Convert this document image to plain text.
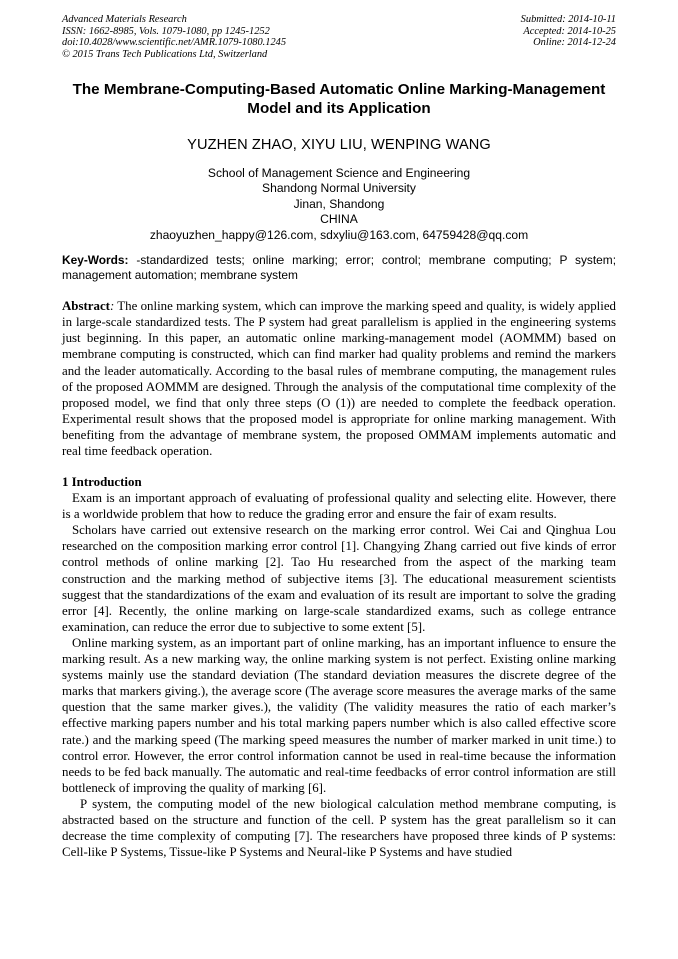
Advanced Materials Research
ISSN: 1662-8985, Vols. 1079-1080, pp 1245-1252
doi:10.4028/www.scientific.net/AMR.1079-1080.1245
© 2015 Trans Tech Publications Ltd, Switzerland
Submitted: 2014-10-11
Accepted: 2014-10-25
Online: 2014-12-24
The Membrane-Computing-Based Automatic Online Marking-Management Model and its Application
YUZHEN ZHAO, XIYU LIU, WENPING WANG
School of Management Science and Engineering
Shandong Normal University
Jinan, Shandong
CHINA
zhaoyuzhen_happy@126.com, sdxyliu@163.com, 64759428@qq.com
Key-Words: -standardized tests; online marking; error; control; membrane computing; P system; management automation; membrane system
Abstract: The online marking system, which can improve the marking speed and quality, is widely applied in large-scale standardized tests. The P system had great parallelism is applied in the engineering systems just beginning. In this paper, an automatic online marking-management model (AOMMM) based on membrane computing is constructed, which can find marker had quality problems and remind the markers and the leader automatically. According to the basal rules of membrane computing, the management rules of the proposed AOMMM are designed. Through the analysis of the computational time complexity of the proposed model, we find that only three steps (O (1)) are needed to complete the feedback operation. Experimental result shows that the proposed model is appropriate for online marking management. With benefiting from the advantage of membrane system, the proposed OMMAM implements automatic and real time feedback operation.
1 Introduction

Exam is an important approach of evaluating of professional quality and selecting elite. However, there is a worldwide problem that how to reduce the grading error and ensure the fair of exam results.

Scholars have carried out extensive research on the marking error control. Wei Cai and Qinghua Lou researched on the composition marking error control [1]. Changying Zhang carried out five kinds of error control methods of online marking [2]. Tao Hu researched from the aspect of the marking team construction and the marking method of subjective items [3]. The educational measurement scientists suggest that the standardizations of the exam and evaluation of its result are important to solve the grading error [4]. Recently, the online marking on large-scale standardized exams, such as college entrance examination, can reduce the error due to subjective to some extent [5].

Online marking system, as an important part of online marking, has an important influence to ensure the marking result. As a new marking way, the online marking system is not perfect. Existing online marking systems mainly use the standard deviation (The standard deviation measures the discrete degree of the marks that markers giving.), the average score (The average score measures the average marks of the same question that the same marker gives.), the validity (The validity measures the ratio of each marker’s effective marking papers number and his total marking papers number which is also called effective score rate.) and the marking speed (The marking speed measures the number of marker marked in unit time.) to control error. However, the error control information cannot be used in real-time because the information needs to be fed back manually. The automatic and real-time feedbacks of error control information are still bottleneck of improving the quality of marking [6].

P system, the computing model of the new biological calculation method membrane computing, is abstracted based on the structure and function of the cell. P system has the great parallelism so it can decrease the time complexity of computing [7]. The researchers have proposed three kinds of P systems: Cell-like P Systems, Tissue-like P Systems and Neural-like P Systems and have studied
